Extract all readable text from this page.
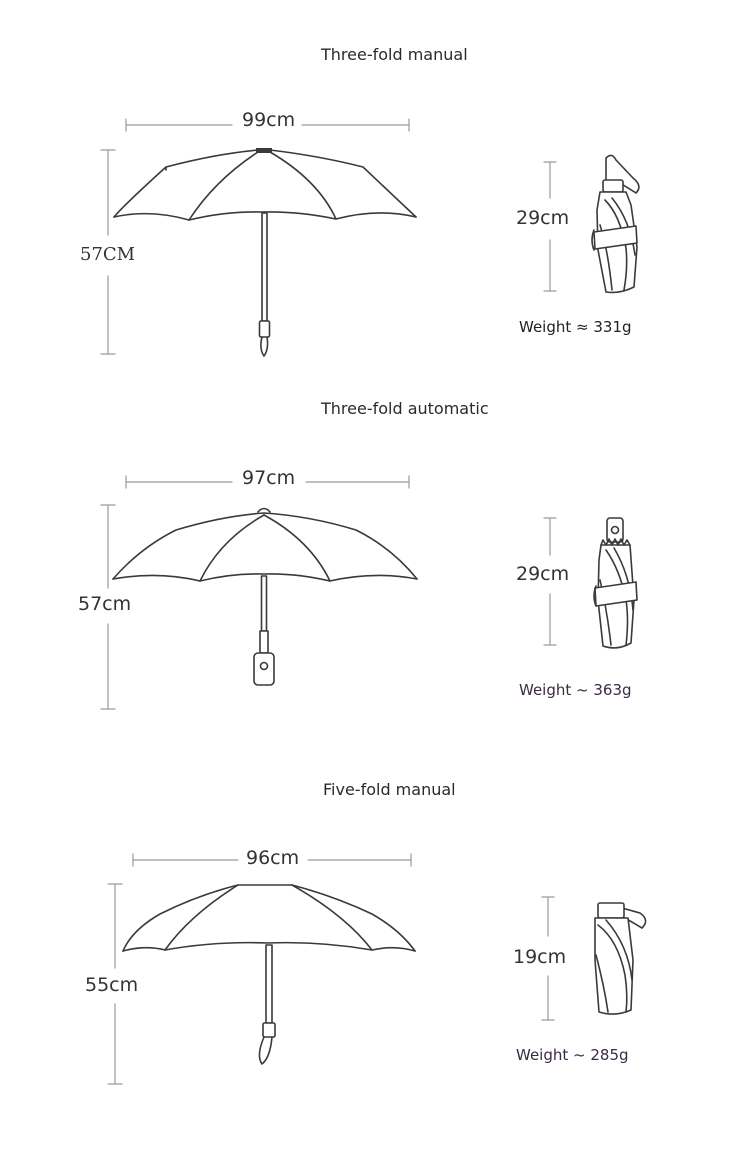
Three-fold manual
99cm
57CM
29cm
Weight ≈ 331g
Three-fold automatic
97cm
57cm
29cm
Weight ~ 363g
Five-fold manual
96cm
55cm
19cm
Weight ~ 285g
